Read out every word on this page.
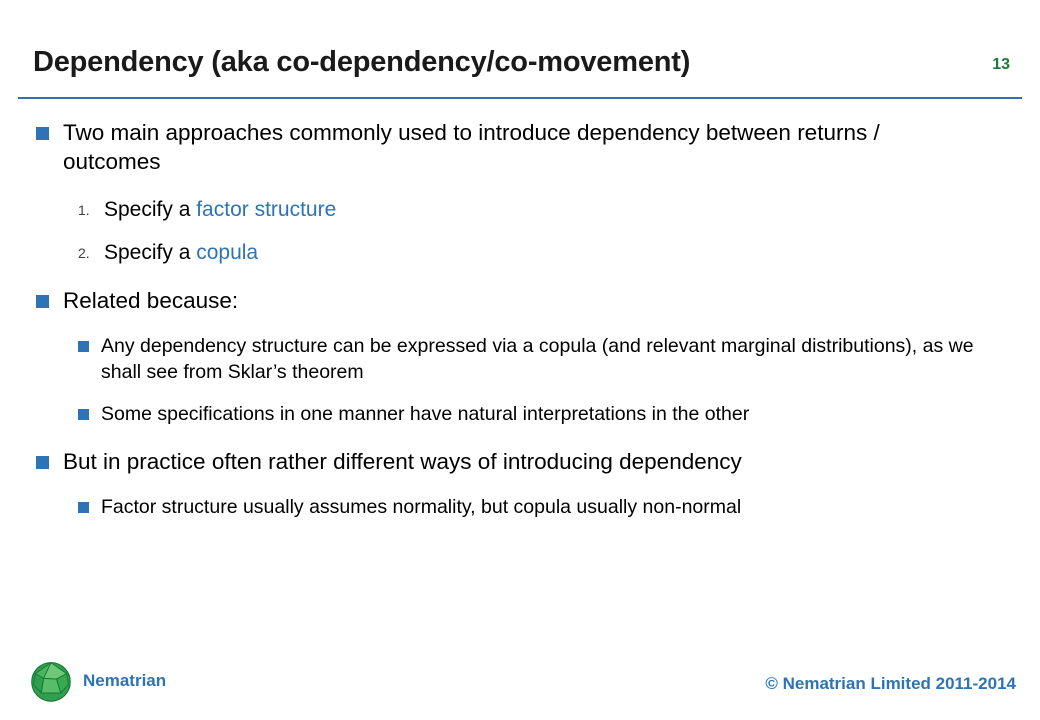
Dependency (aka co-dependency/co-movement)	13
Two main approaches commonly used to introduce dependency between returns / outcomes
1. Specify a factor structure
2. Specify a copula
Related because:
Any dependency structure can be expressed via a copula (and relevant marginal distributions), as we shall see from Sklar’s theorem
Some specifications in one manner have natural interpretations in the other
But in practice often rather different ways of introducing dependency
Factor structure usually assumes normality, but copula usually non-normal
Nematrian	© Nematrian Limited 2011-2014
